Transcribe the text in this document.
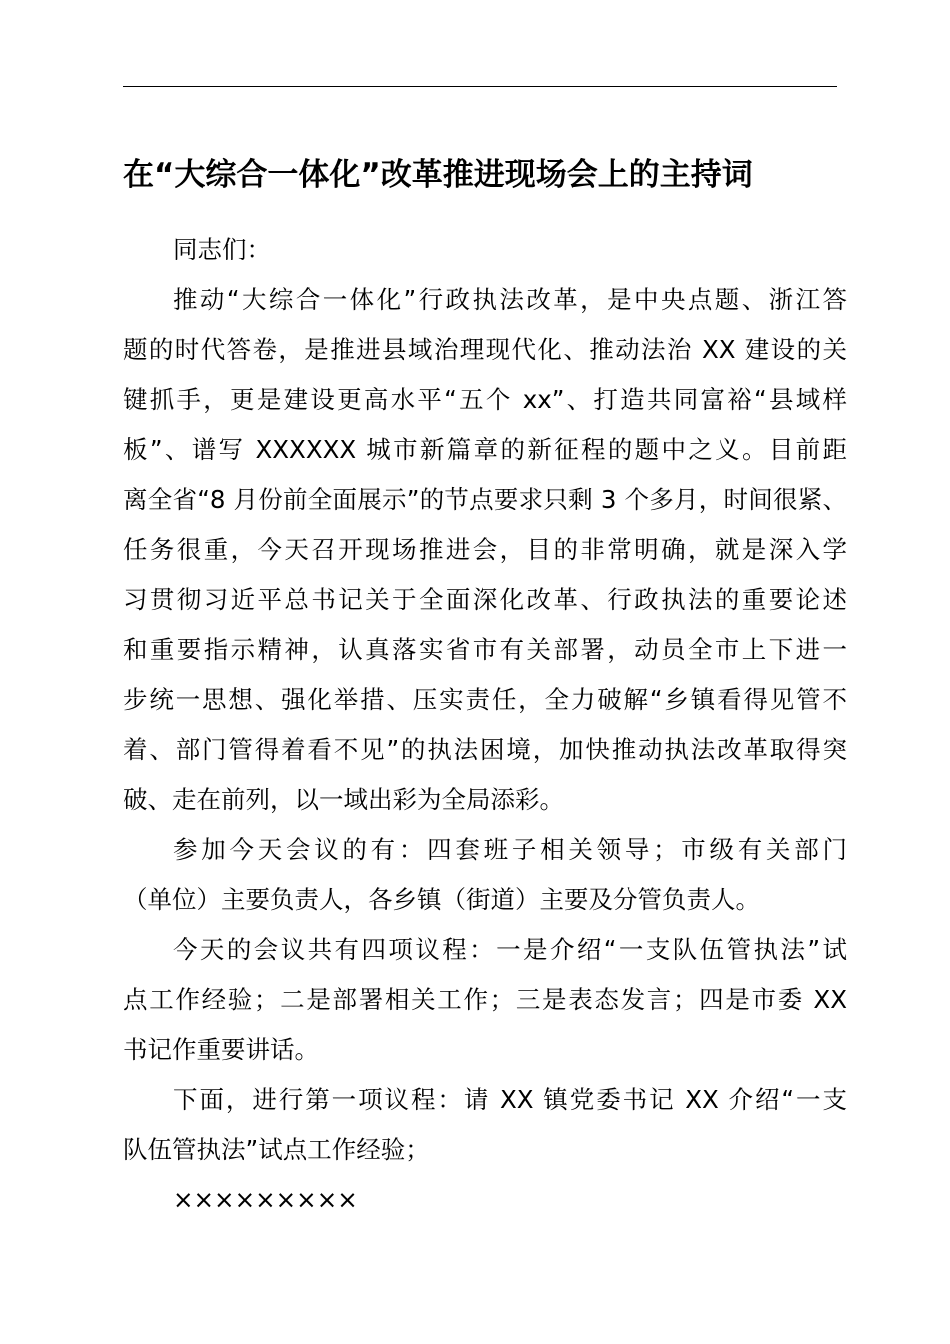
在“大综合一体化”改革推进现场会上的主持词

同志们：

推动“大综合一体化”行政执法改革，是中央点题、浙江答
题的时代答卷，是推进县域治理现代化、推动法治 XX 建设的关
键抓手，更是建设更高水平“五个 xx”、打造共同富裕“县域样
板”、谱写 XXXXXX 城市新篇章的新征程的题中之义。目前距
离全省“8 月份前全面展示”的节点要求只剩 3 个多月，时间很紧、
任务很重，今天召开现场推进会，目的非常明确，就是深入学
习贯彻习近平总书记关于全面深化改革、行政执法的重要论述
和重要指示精神，认真落实省市有关部署，动员全市上下进一
步统一思想、强化举措、压实责任，全力破解“乡镇看得见管不
着、部门管得着看不见”的执法困境，加快推动执法改革取得突
破、走在前列，以一域出彩为全局添彩。

参加今天会议的有：四套班子相关领导；市级有关部门
（单位）主要负责人，各乡镇（街道）主要及分管负责人。

今天的会议共有四项议程：一是介绍“一支队伍管执法”试
点工作经验；二是部署相关工作；三是表态发言；四是市委 XX
书记作重要讲话。

下面，进行第一项议程：请 XX 镇党委书记 XX 介绍“一支
队伍管执法”试点工作经验；

×××××××××
